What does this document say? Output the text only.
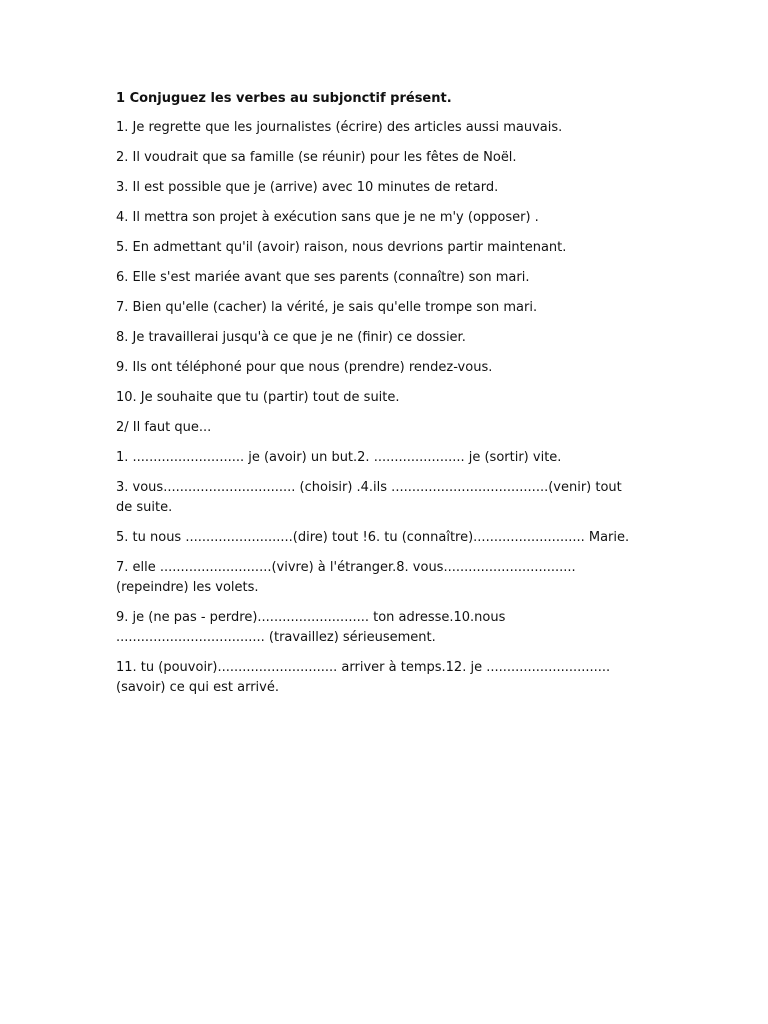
1 Conjuguez les verbes au subjonctif présent.

1. Je regrette que les journalistes (écrire) des articles aussi mauvais.

2. Il voudrait que sa famille (se réunir) pour les fêtes de Noël.

3. Il est possible que je (arrive) avec 10 minutes de retard.

4. Il mettra son projet à exécution sans que je ne m'y (opposer) .

5. En admettant qu'il (avoir) raison, nous devrions partir maintenant.

6. Elle s'est mariée avant que ses parents (connaître) son mari.

7. Bien qu'elle (cacher) la vérité, je sais qu'elle trompe son mari.

8. Je travaillerai jusqu'à ce que je ne (finir) ce dossier.

9. Ils ont téléphoné pour que nous (prendre) rendez-vous.

10. Je souhaite que tu (partir) tout de suite.

2/ Il faut que...

1. ........................... je (avoir) un but.2. ...................... je (sortir) vite.

3. vous................................ (choisir) .4.ils ......................................(venir) tout de suite.

5. tu nous ..........................(dire) tout !6. tu (connaître)........................... Marie.

7. elle ...........................(vivre) à l'étranger.8. vous................................ (repeindre) les volets.

9. je (ne pas - perdre)........................... ton adresse.10.nous .................................... (travaillez) sérieusement.

11. tu (pouvoir)............................. arriver à temps.12. je ..............................(savoir) ce qui est arrivé.
